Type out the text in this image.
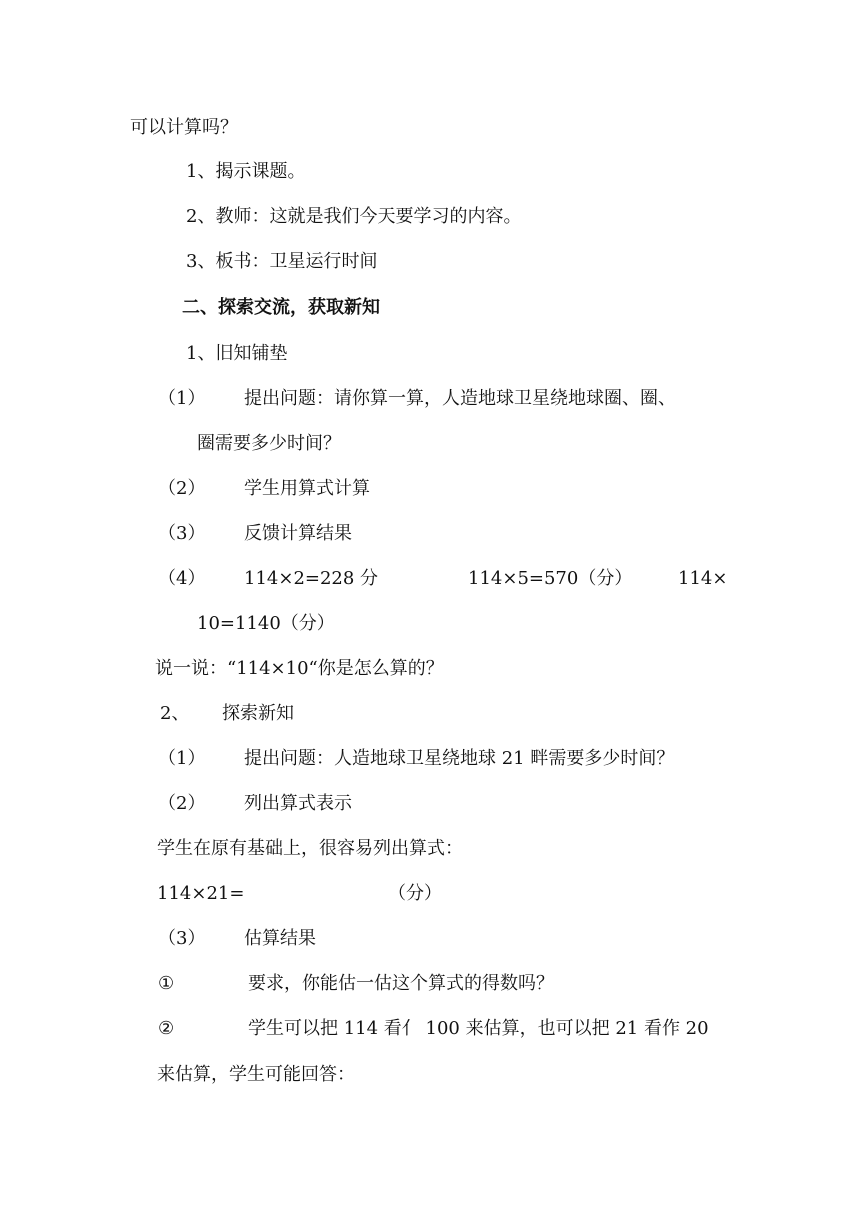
可以计算吗？
1、揭示课题。
2、教师：这就是我们今天要学习的内容。
3、板书：卫星运行时间
二、探索交流，获取新知
1、旧知铺垫
（1） 提出问题：请你算一算，人造地球卫星绕地球圈、圈、
圈需要多少时间？
（2） 学生用算式计算
（3） 反馈计算结果
（4） 114×2=228 分	114×5=570（分）	114×
10=1140（分）
说一说：“114×10“你是怎么算的？
2、 探索新知
（1） 提出问题：人造地球卫星绕地球 21 畔需要多少时间？
（2） 列出算式表示
学生在原有基础上，很容易列出算式：
114×21=	（分）
（3） 估算结果
①	要求，你能估一估这个算式的得数吗？
②	学生可以把 114 看亻 100 来估算，也可以把 21 看作 20
来估算，学生可能回答：
